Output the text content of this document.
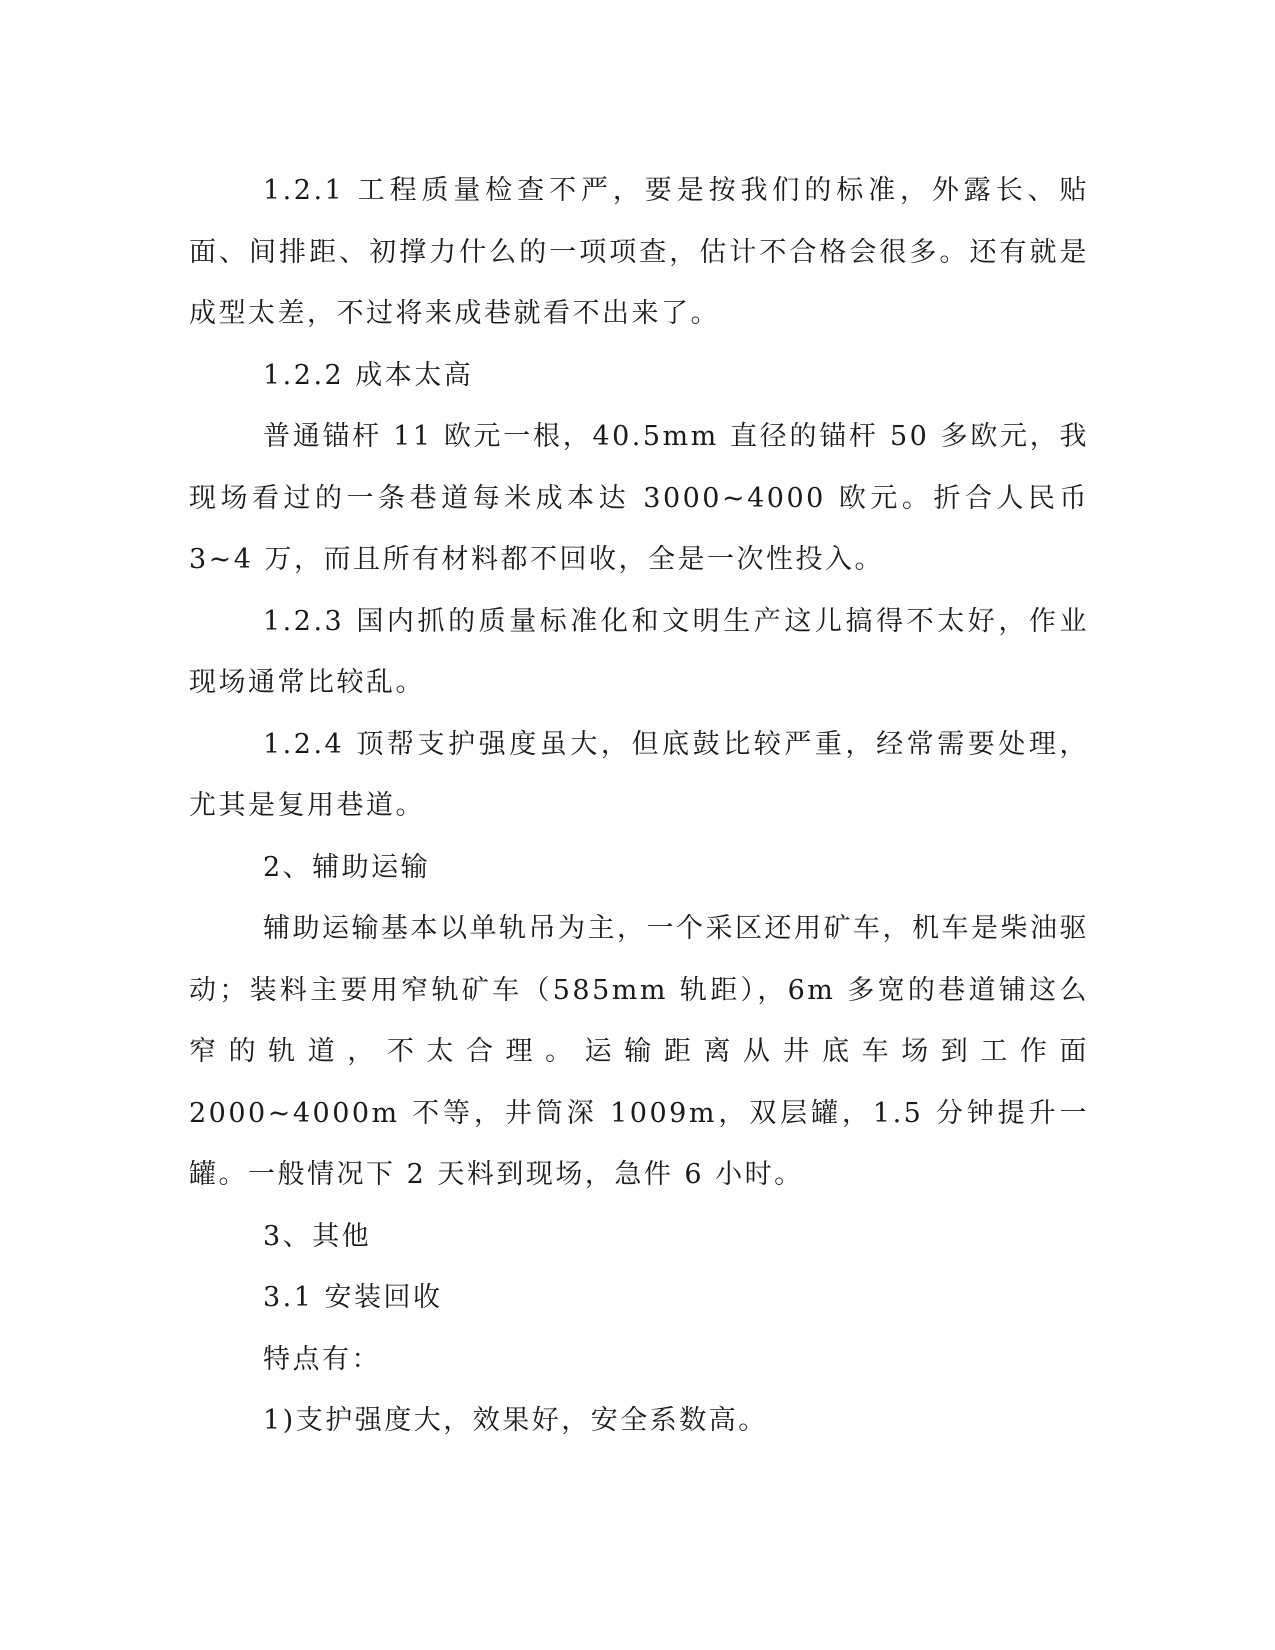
1.2.1 工程质量检查不严，要是按我们的标准，外露长、贴面、间排距、初撑力什么的一项项查，估计不合格会很多。还有就是成型太差，不过将来成巷就看不出来了。

1.2.2 成本太高

普通锚杆 11 欧元一根，40.5mm 直径的锚杆 50 多欧元，我现场看过的一条巷道每米成本达 3000~4000 欧元。折合人民币 3~4 万，而且所有材料都不回收，全是一次性投入。

1.2.3 国内抓的质量标准化和文明生产这儿搞得不太好，作业现场通常比较乱。

1.2.4 顶帮支护强度虽大，但底鼓比较严重，经常需要处理，尤其是复用巷道。

2、辅助运输

辅助运输基本以单轨吊为主，一个采区还用矿车，机车是柴油驱动；装料主要用窄轨矿车（585mm 轨距），6m 多宽的巷道铺这么窄的轨道，不太合理。运输距离从井底车场到工作面 2000~4000m 不等，井筒深 1009m，双层罐，1.5 分钟提升一罐。一般情况下 2 天料到现场，急件 6 小时。

3、其他

3.1 安装回收

特点有：

1)支护强度大，效果好，安全系数高。
